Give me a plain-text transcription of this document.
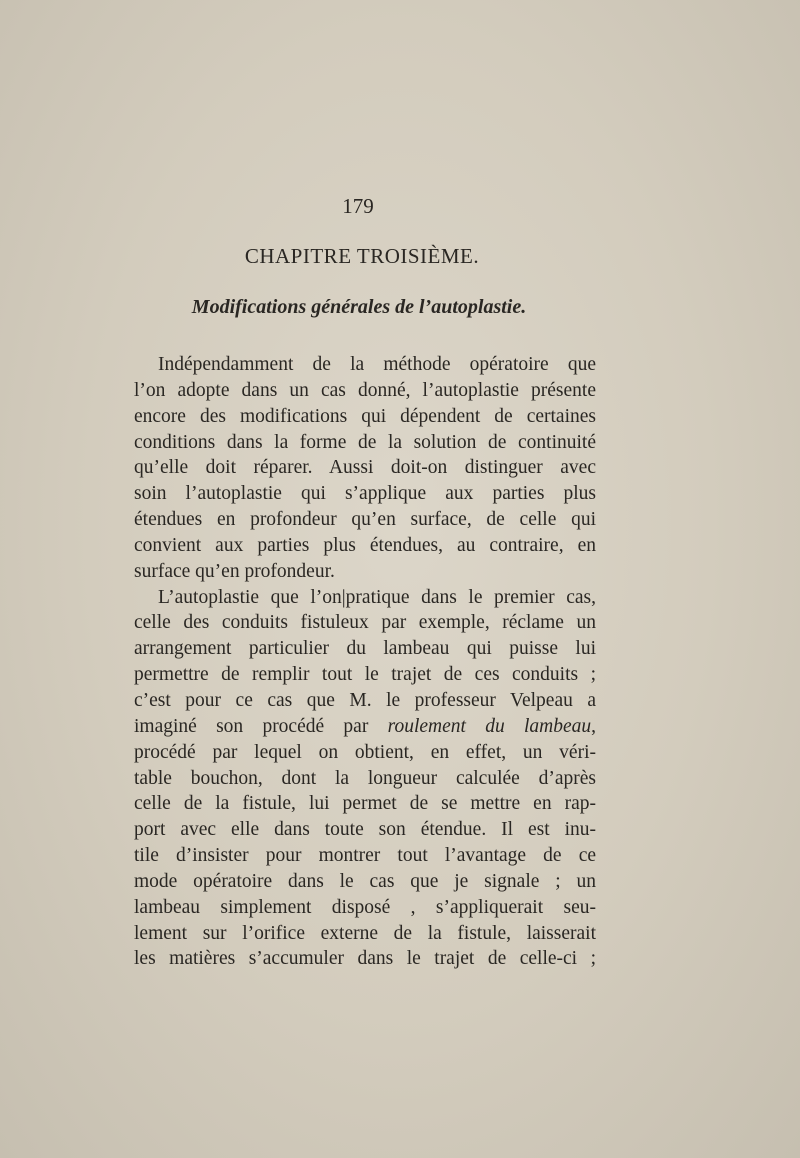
179
CHAPITRE TROISIÈME.
Modifications générales de l’autoplastie.
Indépendamment de la méthode opératoire que
l’on adopte dans un cas donné, l’autoplastie présente
encore des modifications qui dépendent de certaines
conditions dans la forme de la solution de continuité
qu’elle doit réparer. Aussi doit-on distinguer avec
soin l’autoplastie qui s’applique aux parties plus
étendues en profondeur qu’en surface, de celle qui
convient aux parties plus étendues, au contraire, en
surface qu’en profondeur.
L’autoplastie que l’on|pratique dans le premier cas,
celle des conduits fistuleux par exemple, réclame un
arrangement particulier du lambeau qui puisse lui
permettre de remplir tout le trajet de ces conduits ;
c’est pour ce cas que M. le professeur Velpeau a
imaginé son procédé par roulement du lambeau,
procédé par lequel on obtient, en effet, un véri-
table bouchon, dont la longueur calculée d’après
celle de la fistule, lui permet de se mettre en rap-
port avec elle dans toute son étendue. Il est inu-
tile d’insister pour montrer tout l’avantage de ce
mode opératoire dans le cas que je signale ; un
lambeau simplement disposé , s’appliquerait seu-
lement sur l’orifice externe de la fistule, laisserait
les matières s’accumuler dans le trajet de celle-ci ;
